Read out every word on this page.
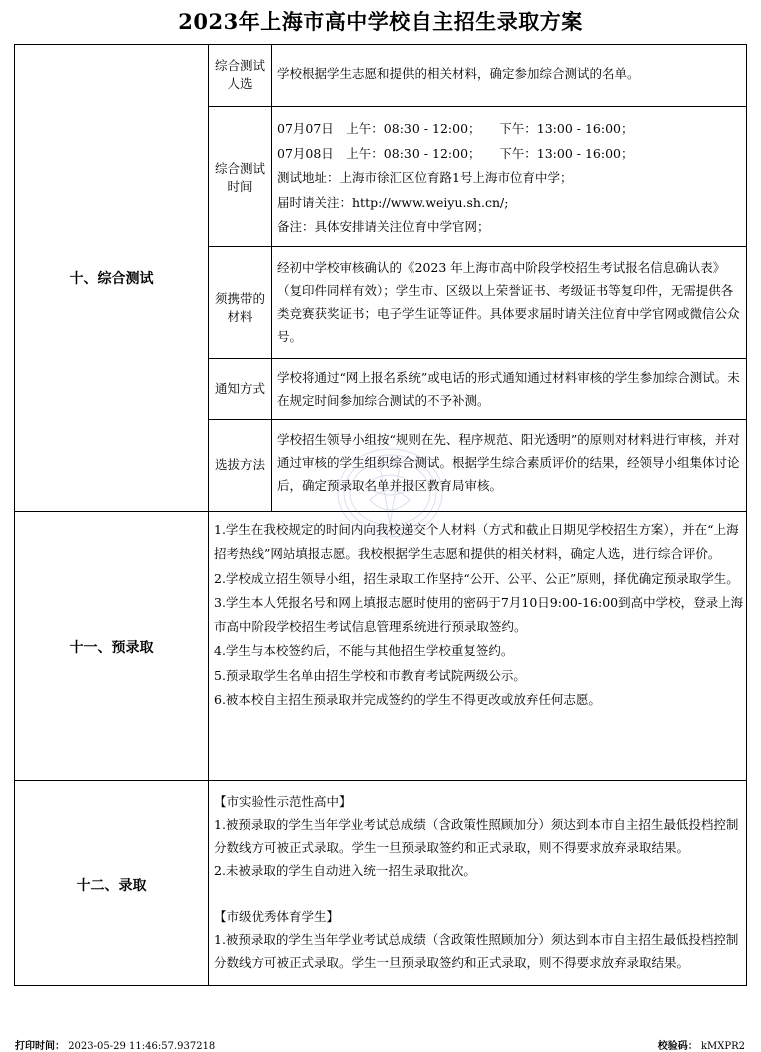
2023年上海市高中学校自主招生录取方案
十、综合测试
综合测试
人选

学校根据学生志愿和提供的相关材料，确定参加综合测试的名单。

综合测试
时间

07月07日　上午：08:30 - 12:00；　　下午：13:00 - 16:00；

07月08日　上午：08:30 - 12:00；　　下午：13:00 - 16:00；

测试地址：上海市徐汇区位育路1号上海市位育中学；

届时请关注：http://www.weiyu.sh.cn/;

备注：具体安排请关注位育中学官网；

须携带的
材料

经初中学校审核确认的《2023 年上海市高中阶段学校招生考试报名信息确认表》（复印件同样有效）；学生市、区级以上荣誉证书、考级证书等复印件，无需提供各类竞赛获奖证书；电子学生证等证件。具体要求届时请关注位育中学官网或微信公众号。

通知方式

学校将通过“网上报名系统”或电话的形式通知通过材料审核的学生参加综合测试。未在规定时间参加综合测试的不予补测。

选拔方法

学校招生领导小组按“规则在先、程序规范、阳光透明”的原则对材料进行审核，并对通过审核的学生组织综合测试。根据学生综合素质评价的结果，经领导小组集体讨论后，确定预录取名单并报区教育局审核。

十一、预录取

1.学生在我校规定的时间内向我校递交个人材料（方式和截止日期见学校招生方案），并在“上海招考热线”网站填报志愿。我校根据学生志愿和提供的相关材料，确定人选，进行综合评价。

2.学校成立招生领导小组，招生录取工作坚持“公开、公平、公正”原则，择优确定预录取学生。

3.学生本人凭报名号和网上填报志愿时使用的密码于7月10日9:00-16:00到高中学校，登录上海市高中阶段学校招生考试信息管理系统进行预录取签约。

4.学生与本校签约后，不能与其他招生学校重复签约。

5.预录取学生名单由招生学校和市教育考试院两级公示。

6.被本校自主招生预录取并完成签约的学生不得更改或放弃任何志愿。

十二、录取

【市实验性示范性高中】

1.被预录取的学生当年学业考试总成绩（含政策性照顾加分）须达到本市自主招生最低投档控制分数线方可被正式录取。学生一旦预录取签约和正式录取，则不得要求放弃录取结果。

2.未被录取的学生自动进入统一招生录取批次。

【市级优秀体育学生】

1.被预录取的学生当年学业考试总成绩（含政策性照顾加分）须达到本市自主招生最低投档控制分数线方可被正式录取。学生一旦预录取签约和正式录取，则不得要求放弃录取结果。

打印时间： 2023-05-29 11:46:57.937218	校验码： kMXPR2
